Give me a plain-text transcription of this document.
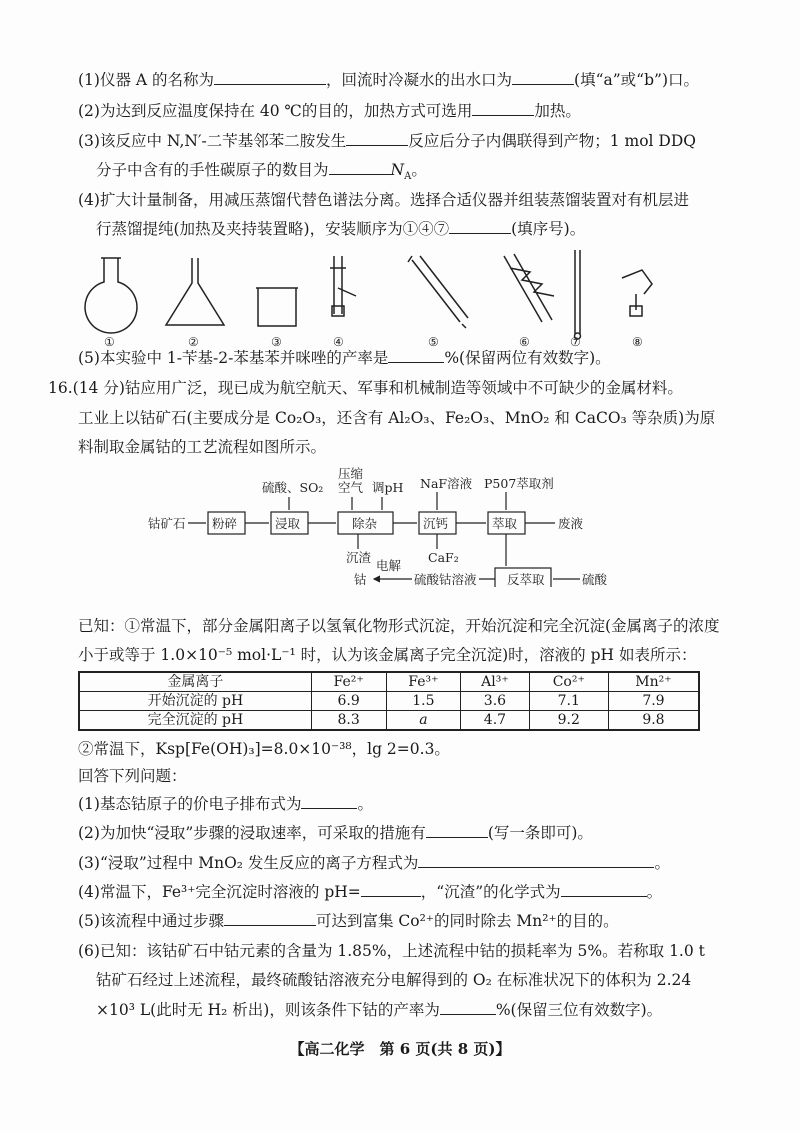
(1)仪器 A 的名称为	，回流时冷凝水的出水口为	(填“a”或“b”)口。
(2)为达到反应温度保持在 40 ℃的目的，加热方式可选用	加热。
(3)该反应中 N,N′-二苄基邻苯二胺发生	反应后分子内偶联得到产物；1 mol DDQ
分子中含有的手性碳原子的数目为	$N_A$。
(4)扩大计量制备，用减压蒸馏代替色谱法分离。选择合适仪器并组装蒸馏装置对有机层进
行蒸馏提纯(加热及夹持装置略)，安装顺序为①④⑦	(填序号)。
①	②	③	④	⑤	⑥	⑦	⑧
(5)本实验中 1-苄基-2-苯基苯并咪唑的产率是	%(保留两位有效数字)。
16.(14 分)钴应用广泛，现已成为航空航天、军事和机械制造等领域中不可缺少的金属材料。
工业上以钴矿石(主要成分是 Co₂O₃，还含有 Al₂O₃、Fe₂O₃、MnO₂ 和 CaCO₃ 等杂质)为原
料制取金属钴的工艺流程如图所示。
钴矿石 粉碎	浸取	除杂	沉钙	萃取
反萃取
硫酸、SO₂
压缩
空气 调pH NaF溶液 P507萃取剂
沉渣	CaF₂
废液
硫酸
硫酸钴溶液
电解
钴
已知：①常温下，部分金属阳离子以氢氧化物形式沉淀，开始沉淀和完全沉淀(金属离子的浓度
小于或等于 1.0×10⁻⁵ mol·L⁻¹ 时，认为该金属离子完全沉淀)时，溶液的 pH 如表所示：
金属离子	Fe²⁺	Fe³⁺	Al³⁺	Co²⁺	Mn²⁺
开始沉淀的 pH	6.9	1.5	3.6	7.1	7.9
完全沉淀的 pH	8.3	a	4.7	9.2	9.8
②常温下，Ksp[Fe(OH)₃]=8.0×10⁻³⁸，lg 2=0.3。
回答下列问题：
(1)基态钴原子的价电子排布式为	。
(2)为加快“浸取”步骤的浸取速率，可采取的措施有	(写一条即可)。
(3)“浸取”过程中 MnO₂ 发生反应的离子方程式为	。
(4)常温下，Fe³⁺完全沉淀时溶液的 pH=	，“沉渣”的化学式为	。
(5)该流程中通过步骤	可达到富集 Co²⁺的同时除去 Mn²⁺的目的。
(6)已知：该钴矿石中钴元素的含量为 1.85%，上述流程中钴的损耗率为 5%。若称取 1.0 t
钴矿石经过上述流程，最终硫酸钴溶液充分电解得到的 O₂ 在标准状况下的体积为 2.24
×10³ L(此时无 H₂ 析出)，则该条件下钴的产率为	%(保留三位有效数字)。
【高二化学　第 6 页(共 8 页)】
